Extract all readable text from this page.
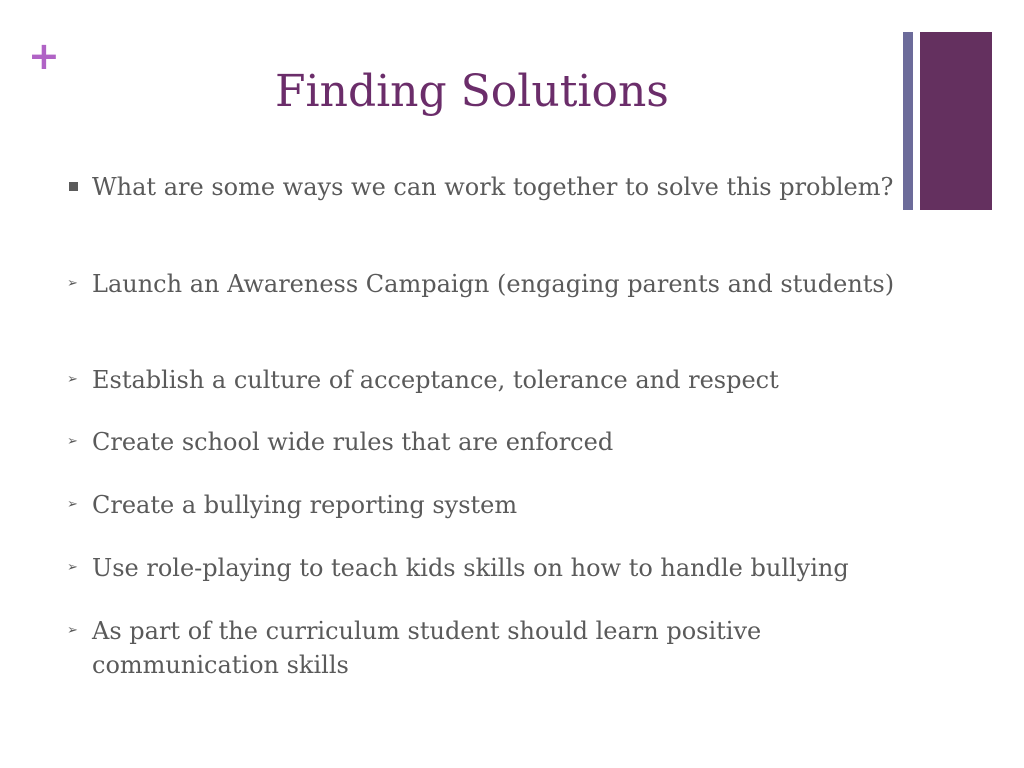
+
Finding Solutions
What are some ways we can work together to solve this problem?
➢ Launch an Awareness Campaign (engaging parents and students)
➢ Establish a culture of acceptance, tolerance and respect
➢ Create school wide rules that are enforced
➢ Create a bullying reporting system
➢ Use role-playing to teach kids skills on how to handle bullying
➢ As part of the curriculum student should learn positive communication skills
